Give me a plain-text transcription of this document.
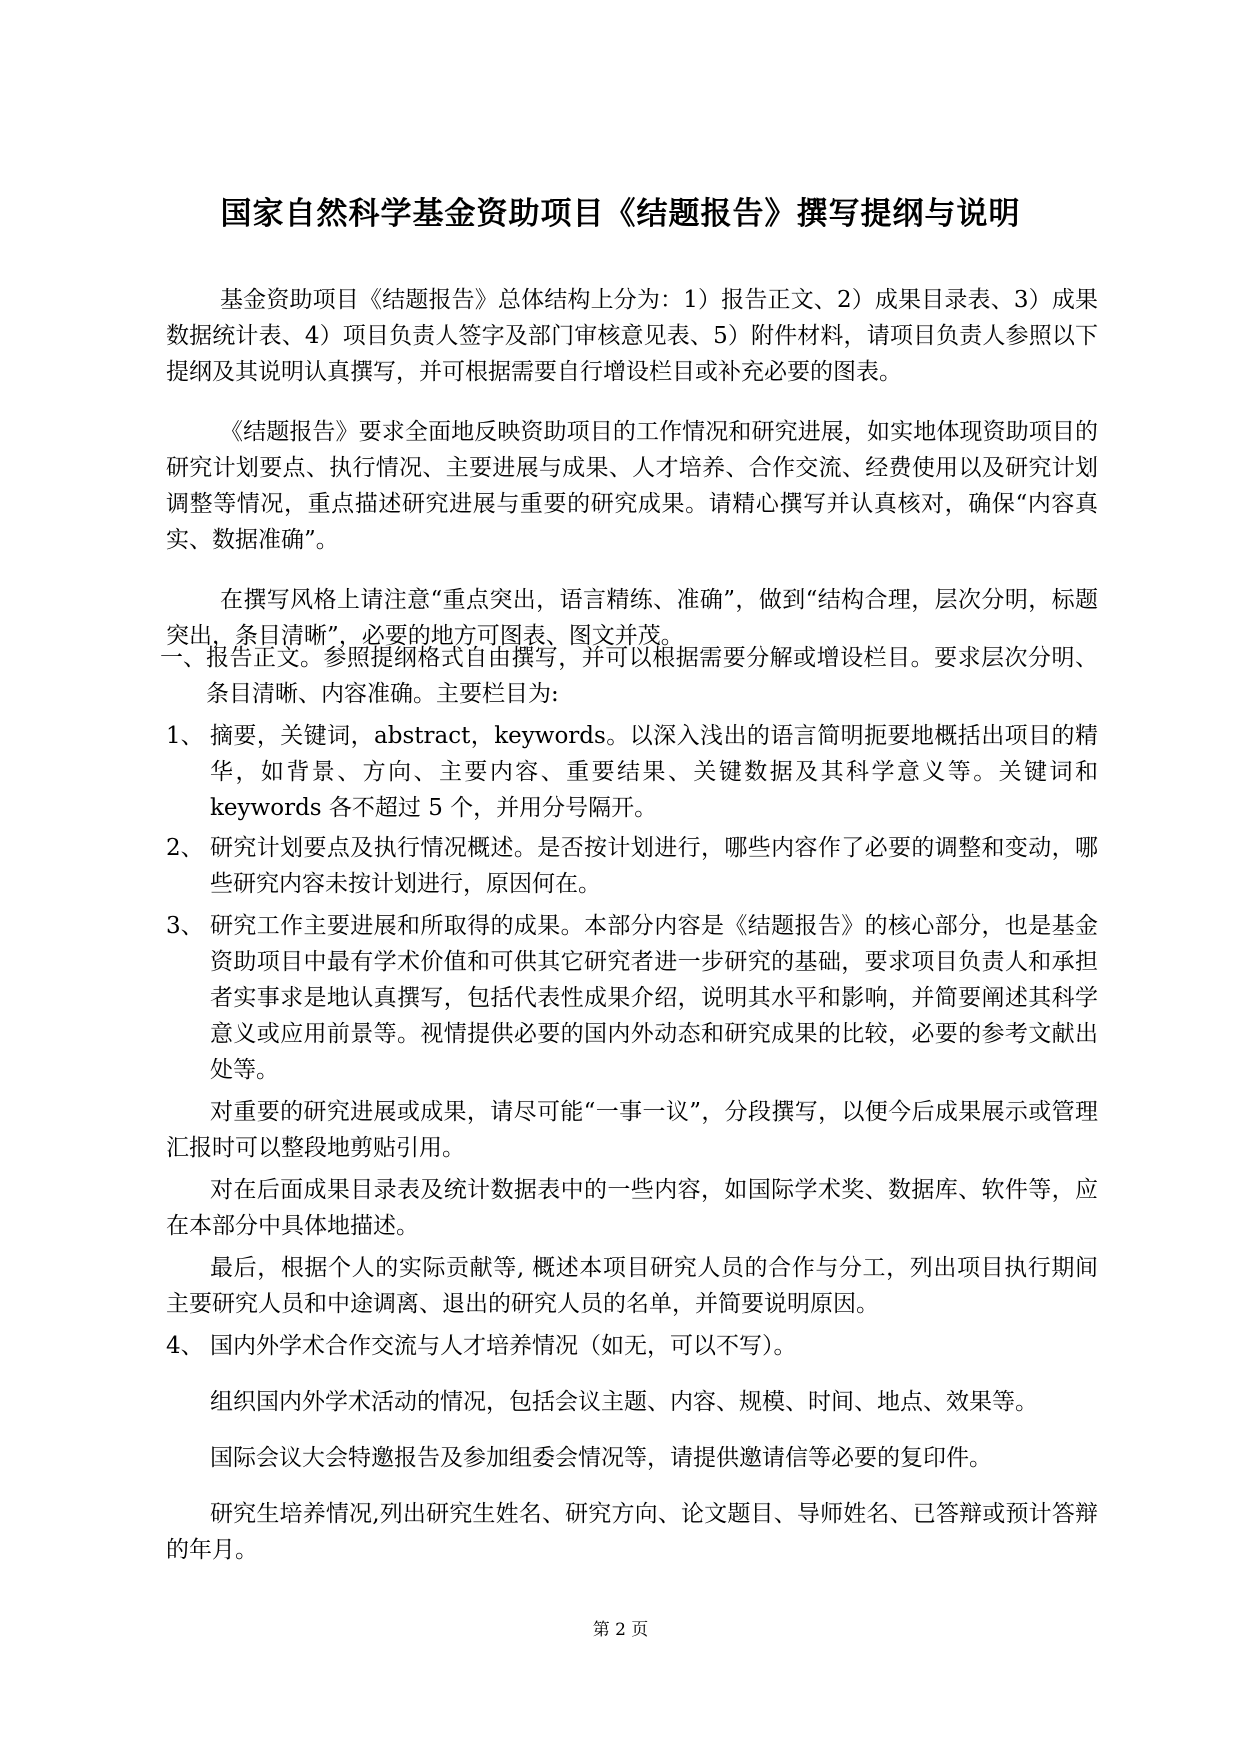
国家自然科学基金资助项目《结题报告》撰写提纲与说明
基金资助项目《结题报告》总体结构上分为：1）报告正文、2）成果目录表、3）成果数据统计表、4）项目负责人签字及部门审核意见表、5）附件材料，请项目负责人参照以下提纲及其说明认真撰写，并可根据需要自行增设栏目或补充必要的图表。
《结题报告》要求全面地反映资助项目的工作情况和研究进展，如实地体现资助项目的研究计划要点、执行情况、主要进展与成果、人才培养、合作交流、经费使用以及研究计划调整等情况，重点描述研究进展与重要的研究成果。请精心撰写并认真核对，确保“内容真实、数据准确”。
在撰写风格上请注意“重点突出，语言精练、准确”，做到“结构合理，层次分明，标题突出，条目清晰”，必要的地方可图表、图文并茂。
一、 报告正文。参照提纲格式自由撰写，并可以根据需要分解或增设栏目。要求层次分明、条目清晰、内容准确。主要栏目为:
1、 摘要，关键词，abstract，keywords。以深入浅出的语言简明扼要地概括出项目的精华，如背景、方向、主要内容、重要结果、关键数据及其科学意义等。关键词和keywords 各不超过 5 个，并用分号隔开。
2、 研究计划要点及执行情况概述。是否按计划进行，哪些内容作了必要的调整和变动，哪些研究内容未按计划进行，原因何在。
3、 研究工作主要进展和所取得的成果。本部分内容是《结题报告》的核心部分，也是基金资助项目中最有学术价值和可供其它研究者进一步研究的基础，要求项目负责人和承担者实事求是地认真撰写，包括代表性成果介绍，说明其水平和影响，并简要阐述其科学意义或应用前景等。视情提供必要的国内外动态和研究成果的比较，必要的参考文献出处等。
对重要的研究进展或成果，请尽可能“一事一议”，分段撰写，以便今后成果展示或管理汇报时可以整段地剪贴引用。
对在后面成果目录表及统计数据表中的一些内容，如国际学术奖、数据库、软件等，应在本部分中具体地描述。
最后，根据个人的实际贡献等, 概述本项目研究人员的合作与分工，列出项目执行期间主要研究人员和中途调离、退出的研究人员的名单，并简要说明原因。
4、 国内外学术合作交流与人才培养情况（如无，可以不写）。
组织国内外学术活动的情况，包括会议主题、内容、规模、时间、地点、效果等。
国际会议大会特邀报告及参加组委会情况等，请提供邀请信等必要的复印件。
研究生培养情况,列出研究生姓名、研究方向、论文题目、导师姓名、已答辩或预计答辩的年月。
第 2 页
